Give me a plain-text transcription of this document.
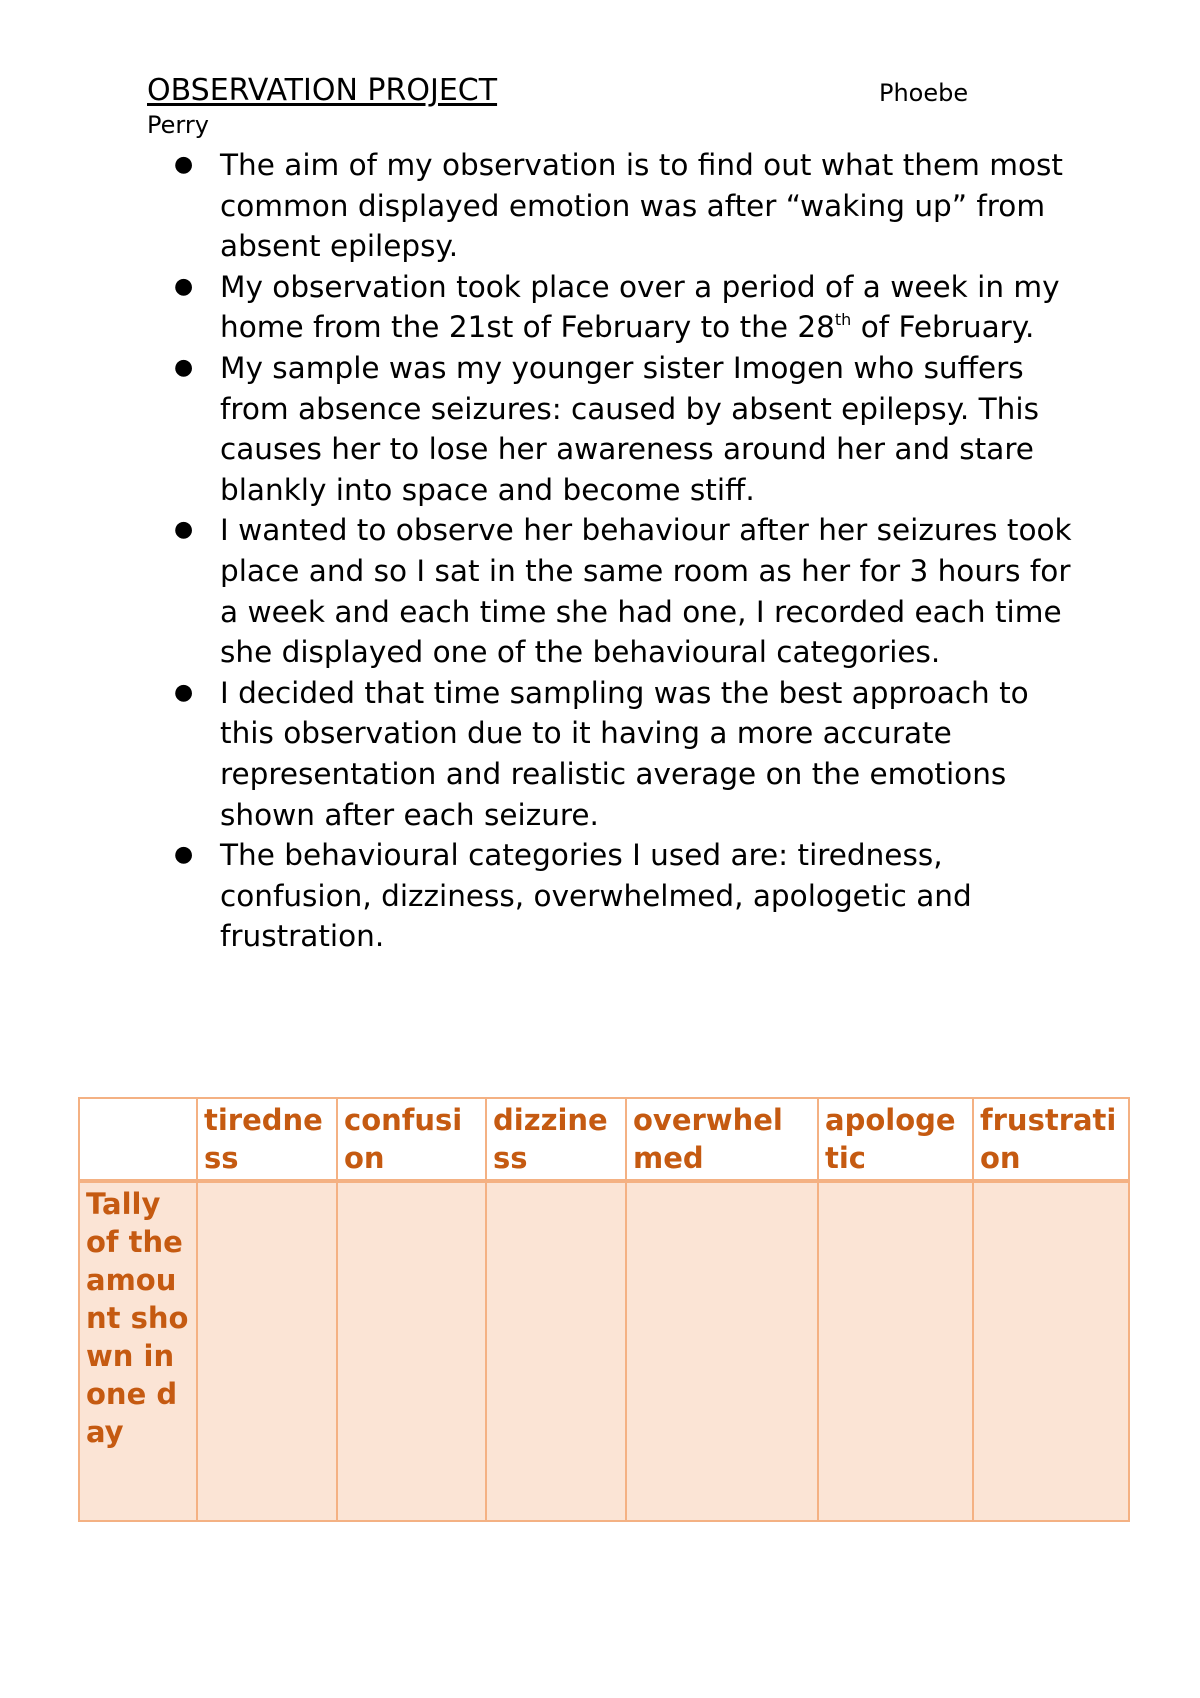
OBSERVATION PROJECT	Phoebe
Perry
● The aim of my observation is to find out what them most common displayed emotion was after “waking up” from absent epilepsy.
● My observation took place over a period of a week in my home from the 21st of February to the 28th of February.
● My sample was my younger sister Imogen who suffers from absence seizures: caused by absent epilepsy. This causes her to lose her awareness around her and stare blankly into space and become stiff.
● I wanted to observe her behaviour after her seizures took place and so I sat in the same room as her for 3 hours for a week and each time she had one, I recorded each time she displayed one of the behavioural categories.
● I decided that time sampling was the best approach to this observation due to it having a more accurate representation and realistic average on the emotions shown after each seizure.
● The behavioural categories I used are: tiredness, confusion, dizziness, overwhelmed, apologetic and frustration.
	tiredness	confusion	dizziness	overwhelmed	apologetic	frustration
Tally of the amount shown in one day						
